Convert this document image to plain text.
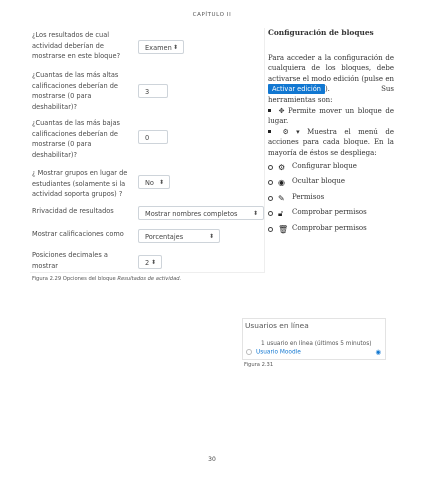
CAPÍTULO II
¿Los resultados de cual actividad deberían de mostrarse en este bloque?
Examen ⬍
¿Cuantas de las más altas calificaciones deberían de mostrarse (0 para deshabilitar)?
3
¿Cuantas de las más bajas calificaciones deberían de mostrarse (0 para deshabilitar)?
0
¿ Mostrar grupos en lugar de estudiantes (solamente si la actividad soporta grupos) ?
No ⬍
Rrivacidad de resultados	Mostrar nombres completos	⬍
Mostrar calificaciones como	Porcentajes	⬍
Posiciones decimales a mostrar	2 ⬍
Figura 2.29 Opciones del bloque Resultados de actividad.
Configuración de bloques

Para acceder a la configuración de cualquiera de los bloques, debe activarse el modo edición (pulse en Activar edición ). Sus herramientas son:

✥ Permite mover un bloque de lugar.

⚙ ▾ Muestra el menú de acciones para cada bloque. En la mayoría de éstos se despliega:

⚙ Configurar bloque
◉ Ocultar bloque
✎ Permisos
🔓︎ Comprobar permisos
🗑︎ Comprobar permisos
Usuarios en línea
1 usuario en línea (últimos 5 minutos)
Usuario Moodle	◉
Figura 2.31
30
